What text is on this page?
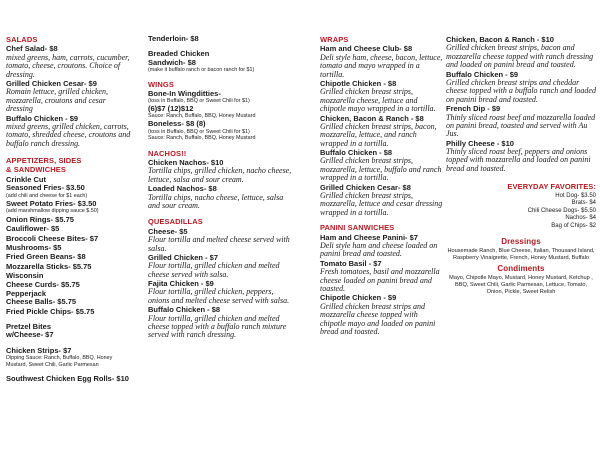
SALADS
Chef Salad- $8
mixed greens, ham, carrots, cucumber, tomato, cheese, croutons. Choice of dressing.
Grilled Chicken Cesar- $9
Romain lettuce, grilled chicken, mozzarella, croutons and cesar dressing
Buffalo Chicken - $9
mixed greens, grilled chicken, carrots, tomato, shredded cheese, croutons and buffalo ranch dressing.
APPETIZERS, SIDES
& SANDWICHES
Crinkle Cut
Seasoned Fries- $3.50
(add chili and cheese for $1 each)
Sweet Potato Fries- $3.50
(add marshmallow dipping sauce $.50)
Onion Rings- $5.75
Cauliflower- $5
Broccoli Cheese Bites- $7
Mushrooms- $5
Fried Green Beans- $8
Mozzarella Sticks- $5.75
Wisconsin
Cheese Curds- $5.75
Pepperjack
Cheese Balls- $5.75
Fried Pickle Chips- $5.75
Pretzel Bites
w/Cheese- $7
Chicken Strips- $7
Dipping Sauce: Ranch, Buffalo, BBQ, Honey Mustard, Sweet Chili, Garlic Parmesan
Southwest Chicken Egg Rolls- $10
Tenderloin- $8
Breaded Chicken
Sandwich- $8
(make it buffalo ranch or bacon ranch for $1)
WINGS
Bone-In Wingditties-
(toss in Buffalo, BBQ or Sweet Chili for $1)
(6)$7 (12)$12
Sauce: Ranch, Buffalo, BBQ, Honey Mustard
Boneless- $8 (8)
(toss in Buffalo, BBQ or Sweet Chili for $1)
Sauce: Ranch, Buffalo, BBQ, Honey Mustard
NACHOS!!
Chicken Nachos- $10
Tortilla chips, grilled chicken, nacho cheese, lettuce, salsa and sour cream.
Loaded Nachos- $8
Tortilla chips, nacho cheese, lettuce, salsa and sour cream.
QUESADILLAS
Cheese- $5
Flour tortilla and melted cheese served with salsa.
Grilled Chicken - $7
Flour tortilla, grilled chicken and melted cheese served with salsa.
Fajita Chicken - $9
Flour tortilla, grilled chicken, peppers, onions and melted cheese served with salsa.
Buffalo Chicken - $8
Flour tortilla, grilled chicken and melted cheese topped with a buffalo ranch mixture served with ranch dressing.
WRAPS
Ham and Cheese Club- $8
Deli style ham, cheese, bacon, lettuce, tomato and mayo wrapped in a tortilla.
Chipotle Chicken - $8
Grilled chicken breast strips, mozzarella cheese, lettuce and chipotle mayo wrapped in a tortilla.
Chicken, Bacon & Ranch - $8
Grilled chicken breast strips, bacon, mozzarella, lettuce, and ranch wrapped in a tortilla.
Buffalo Chicken - $8
Grilled chicken breast strips, mozzarella, lettuce, buffalo and ranch wrapped in a tortilla.
Grilled Chicken Cesar- $8
Grilled chicken breast strips, mozzarella, lettuce and cesar dressing wrapped in a tortilla.
PANINI SANWICHES
Ham and Cheese Panini- $7
Deli style ham and cheese loaded on panini bread and toasted.
Tomato Basil - $7
Fresh tomatoes, basil and mozzarella cheese loaded on panini bread and toasted.
Chipotle Chicken - $9
Grilled chicken breast strips and mozzarella cheese topped with chipotle mayo and loaded on panini bread and toasted.
Chicken, Bacon & Ranch - $10
Grilled chicken breast strips, bacon and mozzarella cheese topped with ranch dressing and loaded on panini bread and toasted.
Buffalo Chicken - $9
Grilled chicken breast strips and cheddar cheese topped with a buffalo ranch and loaded on panini bread and toasted.
French Dip - $9
Thinly sliced roast beef and mozzarella loaded on panini bread, toasted and served with Au Jus.
Philly Cheese - $10
Thinly sliced roast beef, peppers and onions topped with mozzarella and loaded on panini bread and toasted.
EVERYDAY FAVORITES:
Hot Dog- $3.50
Brats- $4
Chili Cheese Dogs- $5.50
Nachos- $4
Bag of Chips- $2
Dressings
Housemade Ranch, Blue Cheese, Italian, Thousand Island, Raspberry Vinaigrette, French, Honey Mustard, Buffalo
Condiments
Mayo, Chipotle Mayo, Mustard, Honey Mustard, Ketchup , BBQ, Sweet Chili, Garlic Parmesan, Lettuce, Tomato, Onion, Pickle, Sweet Relish
